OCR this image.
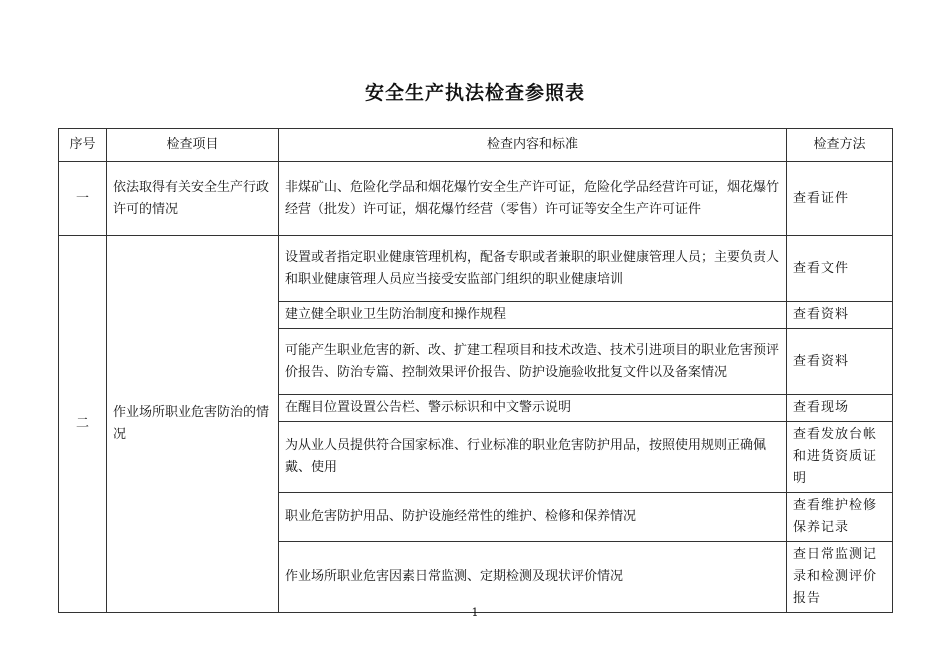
安全生产执法检查参照表
序号	检查项目	检查内容和标准	检查方法
一	依法取得有关安全生产行政许可的情况	非煤矿山、危险化学品和烟花爆竹安全生产许可证，危险化学品经营许可证，烟花爆竹经营（批发）许可证，烟花爆竹经营（零售）许可证等安全生产许可证件	查看证件
二	作业场所职业危害防治的情况	设置或者指定职业健康管理机构，配备专职或者兼职的职业健康管理人员；主要负责人和职业健康管理人员应当接受安监部门组织的职业健康培训	查看文件
		建立健全职业卫生防治制度和操作规程	查看资料
		可能产生职业危害的新、改、扩建工程项目和技术改造、技术引进项目的职业危害预评价报告、防治专篇、控制效果评价报告、防护设施验收批复文件以及备案情况	查看资料
		在醒目位置设置公告栏、警示标识和中文警示说明	查看现场
		为从业人员提供符合国家标准、行业标准的职业危害防护用品，按照使用规则正确佩戴、使用	查看发放台帐和进货资质证明
		职业危害防护用品、防护设施经常性的维护、检修和保养情况	查看维护检修保养记录
		作业场所职业危害因素日常监测、定期检测及现状评价情况	查日常监测记录和检测评价报告
1
